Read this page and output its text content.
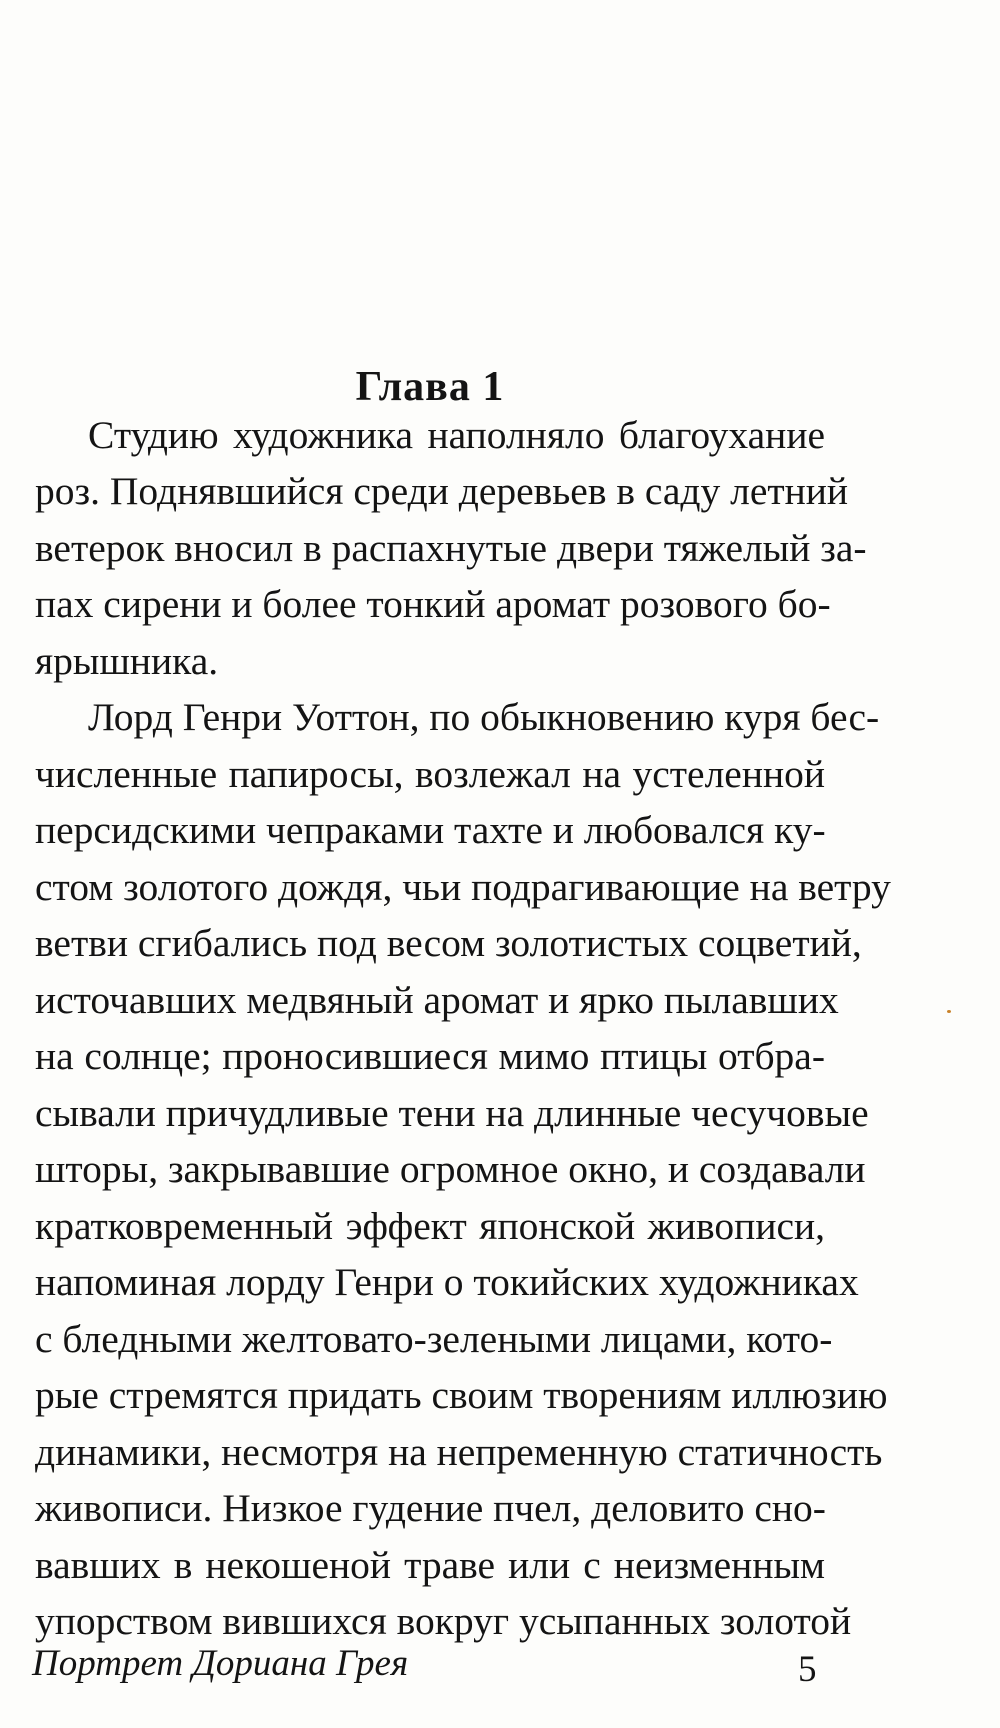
Глава 1
Студию художника наполняло благоухание
роз. Поднявшийся среди деревьев в саду летний
ветерок вносил в распахнутые двери тяжелый за-
пах сирени и более тонкий аромат розового бо-
ярышника.
Лорд Генри Уоттон, по обыкновению куря бес-
численные папиросы, возлежал на устеленной
персидскими чепраками тахте и любовался ку-
стом золотого дождя, чьи подрагивающие на ветру
ветви сгибались под весом золотистых соцветий,
источавших медвяный аромат и ярко пылавших
на солнце; проносившиеся мимо птицы отбра-
сывали причудливые тени на длинные чесучовые
шторы, закрывавшие огромное окно, и создавали
кратковременный эффект японской живописи,
напоминая лорду Генри о токийских художниках
с бледными желтовато-зелеными лицами, кото-
рые стремятся придать своим творениям иллюзию
динамики, несмотря на непременную статичность
живописи. Низкое гудение пчел, деловито сно-
вавших в некошеной траве или с неизменным
упорством вившихся вокруг усыпанных золотой
Портрет Дориана Грея	5
